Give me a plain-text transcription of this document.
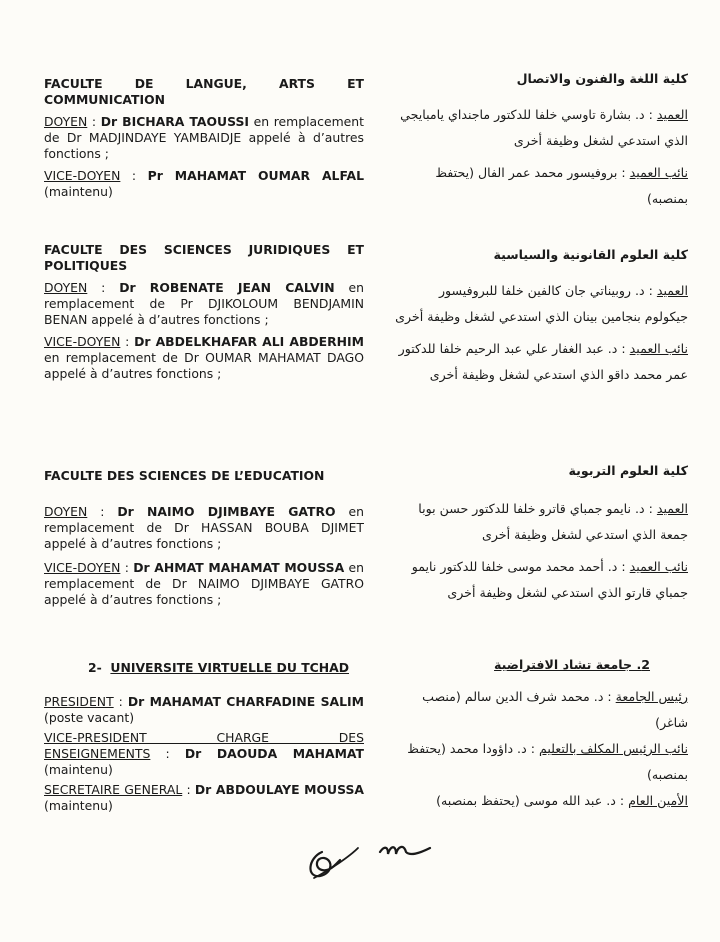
FACULTE DE LANGUE, ARTS ET

COMMUNICATION

DOYEN : Dr BICHARA TAOUSSI en remplacement de Dr MADJINDAYE YAMBAIDJE appelé à d’autres fonctions ;

VICE-DOYEN : Pr MAHAMAT OUMAR ALFAL (maintenu)

FACULTE DES SCIENCES JURIDIQUES ET

POLITIQUES

DOYEN : Dr ROBENATE JEAN CALVIN en remplacement de Pr DJIKOLOUM BENDJAMIN BENAN appelé à d’autres fonctions ;

VICE-DOYEN : Dr ABDELKHAFAR ALI ABDERHIM en remplacement de Dr OUMAR MAHAMAT DAGO appelé à d’autres fonctions ;

FACULTE DES SCIENCES DE L’EDUCATION

DOYEN : Dr NAIMO DJIMBAYE GATRO en remplacement de Dr HASSAN BOUBA DJIMET appelé à d’autres fonctions ;

VICE-DOYEN : Dr AHMAT MAHAMAT MOUSSA en remplacement de Dr NAIMO DJIMBAYE GATRO appelé à d’autres fonctions ;

2- UNIVERSITE VIRTUELLE DU TCHAD

PRESIDENT : Dr MAHAMAT CHARFADINE SALIM (poste vacant)

VICE-PRESIDENT CHARGE DES
ENSEIGNEMENTS : Dr DAOUDA MAHAMAT (maintenu)

SECRETAIRE GENERAL : Dr ABDOULAYE MOUSSA (maintenu)

كلية اللغة والفنون والاتصال

العميد : د. بشارة تاوسي خلفا للدكتور ماجنداي يامبايجي الذي استدعي لشغل وظيفة أخرى

نائب العميد : بروفيسور محمد عمر الفال (يحتفظ بمنصبه)

كلية العلوم القانونية والسياسية

العميد : د. روبيناتي جان كالفين خلفا للبروفيسور جيكولوم بنجامين بينان الذي استدعي لشغل وظيفة أخرى

نائب العميد : د. عبد الغفار علي عبد الرحيم خلفا للدكتور عمر محمد داقو الذي استدعي لشغل وظيفة أخرى

كلية العلوم التربوية

العميد : د. نايمو جمباي قاترو خلفا للدكتور حسن بوبا جمعة الذي استدعي لشغل وظيفة أخرى

نائب العميد : د. أحمد محمد موسى خلفا للدكتور نايمو جمباي قارتو الذي استدعي لشغل وظيفة أخرى

2. جامعة تشاد الافتراضية

رئيس الجامعة : د. محمد شرف الدين سالم (منصب شاغر)

نائب الرئيس المكلف بالتعليم : د. داؤودا محمد (يحتفظ بمنصبه)

الأمين العام : د. عبد الله موسى (يحتفظ بمنصبه)
